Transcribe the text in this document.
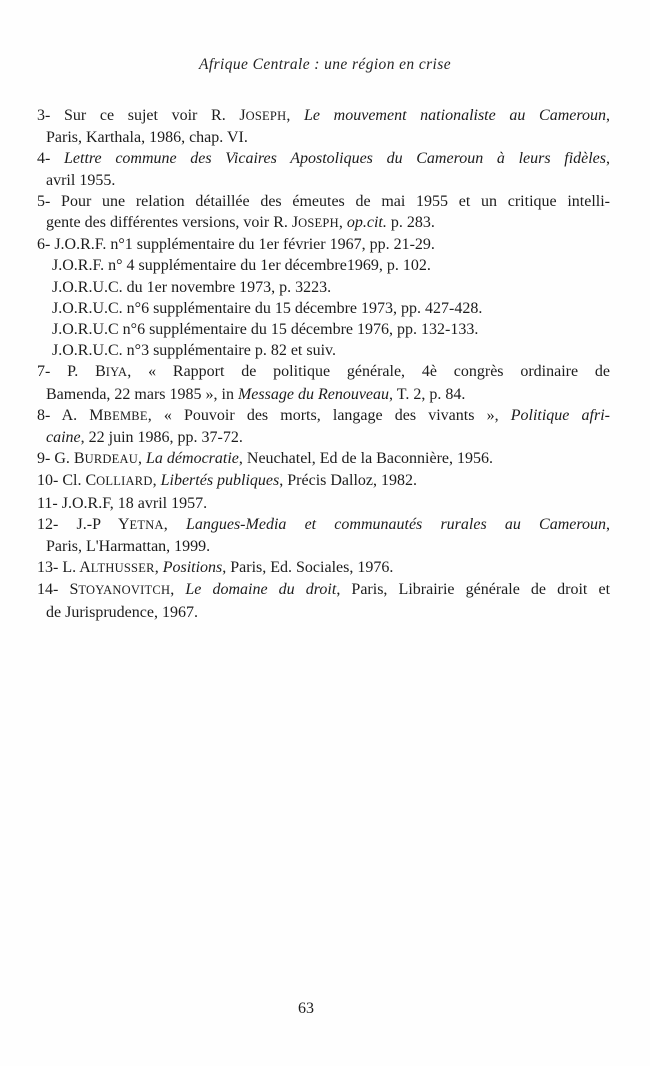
Afrique Centrale : une région en crise
3- Sur ce sujet voir R. JOSEPH, Le mouvement nationaliste au Cameroun,
Paris, Karthala, 1986, chap. VI.
4- Lettre commune des Vicaires Apostoliques du Cameroun à leurs fidèles,
avril 1955.
5- Pour une relation détaillée des émeutes de mai 1955 et un critique intelli-
gente des différentes versions, voir R. JOSEPH, op.cit. p. 283.
6- J.O.R.F. n°1 supplémentaire du 1er février 1967, pp. 21-29.
J.O.R.F. n° 4 supplémentaire du 1er décembre1969, p. 102.
J.O.R.U.C. du 1er novembre 1973, p. 3223.
J.O.R.U.C. n°6 supplémentaire du 15 décembre 1973, pp. 427-428.
J.O.R.U.C n°6 supplémentaire du 15 décembre 1976, pp. 132-133.
J.O.R.U.C. n°3 supplémentaire p. 82 et suiv.
7- P. BIYA, « Rapport de politique générale, 4è congrès ordinaire de
Bamenda, 22 mars 1985 », in Message du Renouveau, T. 2, p. 84.
8- A. MBEMBE, « Pouvoir des morts, langage des vivants », Politique afri-
caine, 22 juin 1986, pp. 37-72.
9- G. BURDEAU, La démocratie, Neuchatel, Ed de la Baconnière, 1956.
10- Cl. COLLIARD, Libertés publiques, Précis Dalloz, 1982.
11- J.O.R.F, 18 avril 1957.
12- J.-P YETNA, Langues-Media et communautés rurales au Cameroun,
Paris, L'Harmattan, 1999.
13- L. ALTHUSSER, Positions, Paris, Ed. Sociales, 1976.
14- STOYANOVITCH, Le domaine du droit, Paris, Librairie générale de droit et
de Jurisprudence, 1967.
63
